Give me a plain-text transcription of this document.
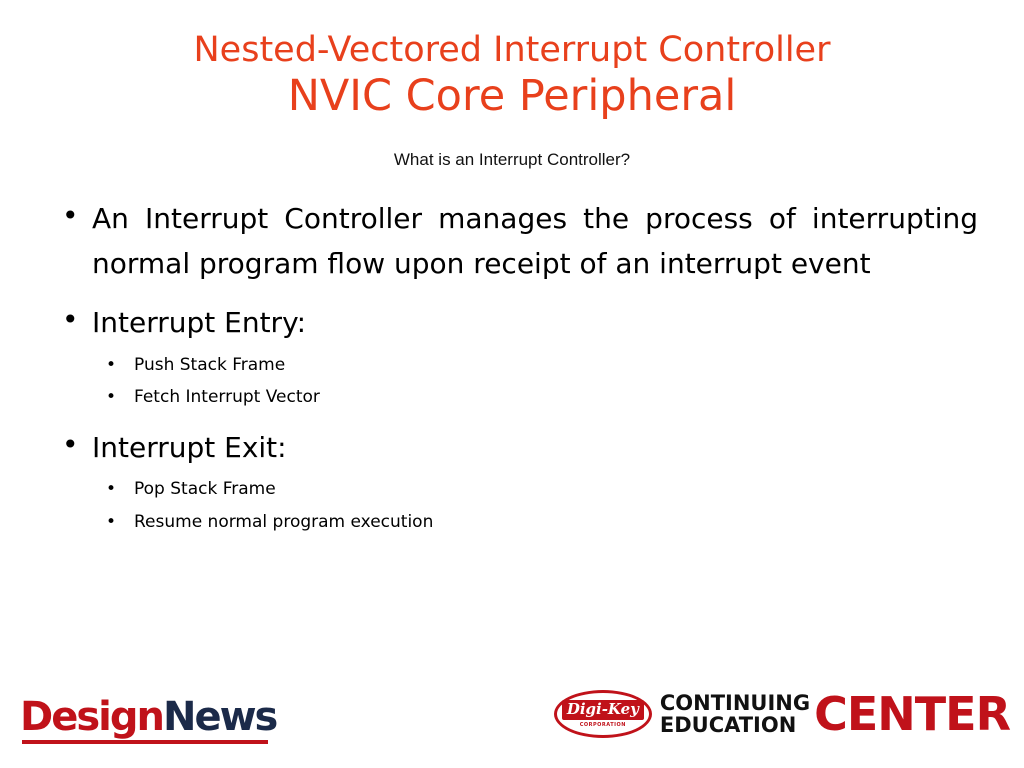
Nested-Vectored Interrupt Controller
NVIC Core Peripheral
What is an Interrupt Controller?
• An Interrupt Controller manages the process of interrupting normal program flow upon receipt of an interrupt event
• Interrupt Entry:
•	Push Stack Frame
•	Fetch Interrupt Vector
• Interrupt Exit:
•	Pop Stack Frame
•	Resume normal program execution
DesignNews	Digi-Key
CORPORATION
CONTINUING
EDUCATION CENTER
